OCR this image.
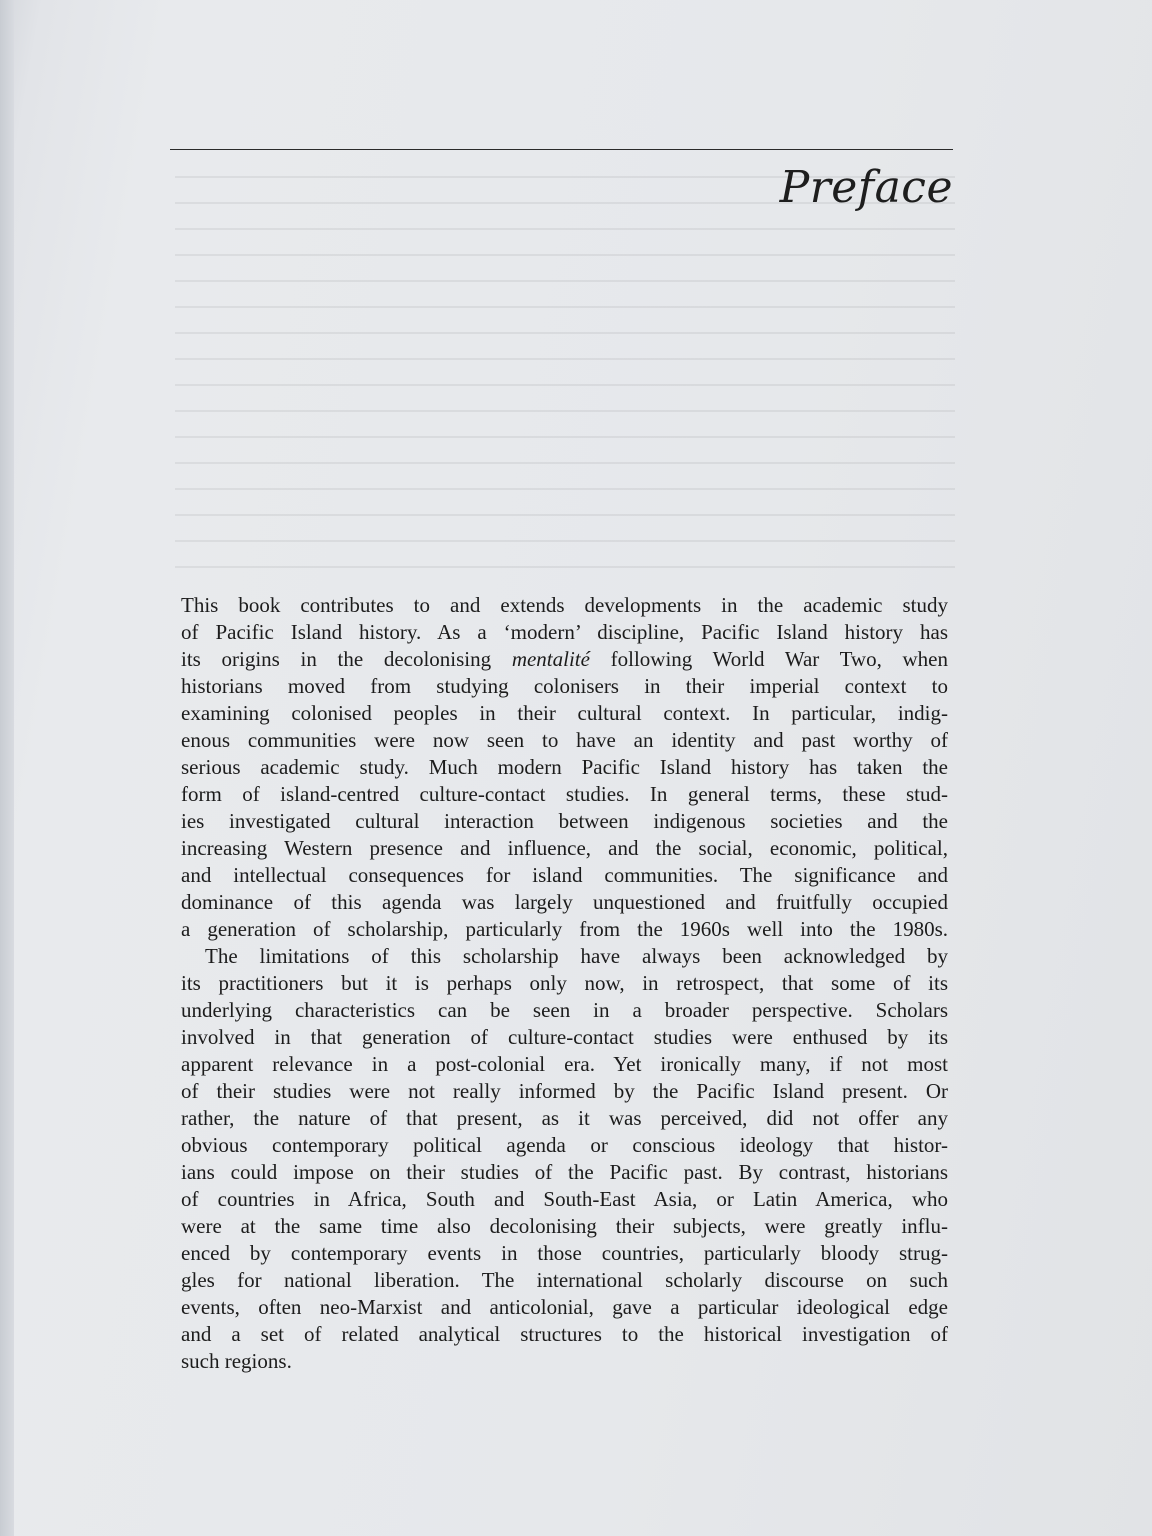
Preface
This book contributes to and extends developments in the academic study
of Pacific Island history. As a ‘modern’ discipline, Pacific Island history has
its origins in the decolonising mentalité following World War Two, when
historians moved from studying colonisers in their imperial context to
examining colonised peoples in their cultural context. In particular, indig-
enous communities were now seen to have an identity and past worthy of
serious academic study. Much modern Pacific Island history has taken the
form of island-centred culture-contact studies. In general terms, these stud-
ies investigated cultural interaction between indigenous societies and the
increasing Western presence and influence, and the social, economic, political,
and intellectual consequences for island communities. The significance and
dominance of this agenda was largely unquestioned and fruitfully occupied
a generation of scholarship, particularly from the 1960s well into the 1980s.
The limitations of this scholarship have always been acknowledged by
its practitioners but it is perhaps only now, in retrospect, that some of its
underlying characteristics can be seen in a broader perspective. Scholars
involved in that generation of culture-contact studies were enthused by its
apparent relevance in a post-colonial era. Yet ironically many, if not most
of their studies were not really informed by the Pacific Island present. Or
rather, the nature of that present, as it was perceived, did not offer any
obvious contemporary political agenda or conscious ideology that histor-
ians could impose on their studies of the Pacific past. By contrast, historians
of countries in Africa, South and South-East Asia, or Latin America, who
were at the same time also decolonising their subjects, were greatly influ-
enced by contemporary events in those countries, particularly bloody strug-
gles for national liberation. The international scholarly discourse on such
events, often neo-Marxist and anticolonial, gave a particular ideological edge
and a set of related analytical structures to the historical investigation of
such regions.
